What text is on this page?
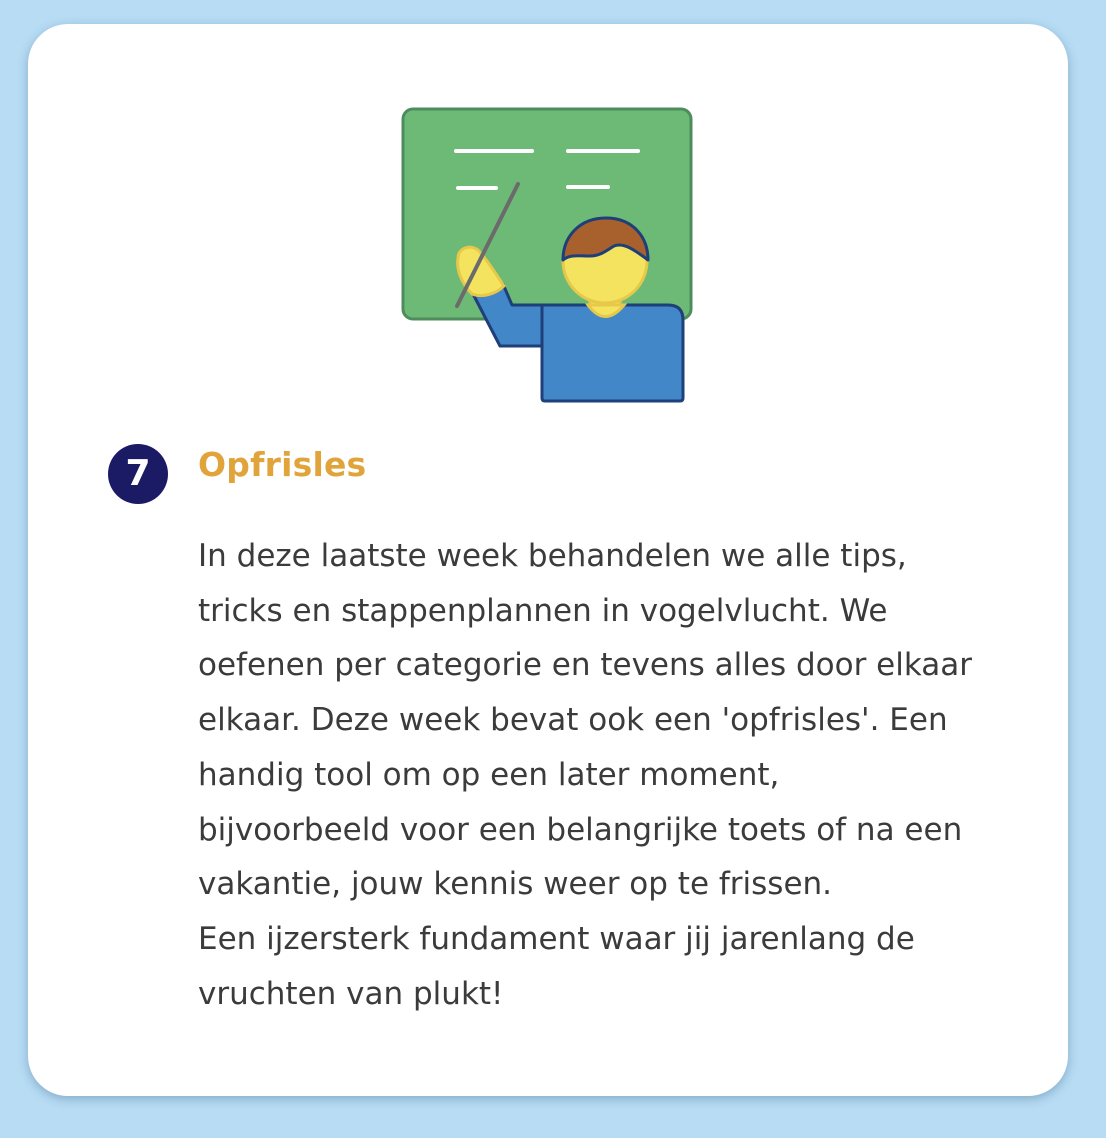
7 Opfrisles

In deze laatste week behandelen we alle tips,
tricks en stappenplannen in vogelvlucht. We
oefenen per categorie en tevens alles door elkaar
elkaar. Deze week bevat ook een 'opfrisles'. Een
handig tool om op een later moment,
bijvoorbeeld voor een belangrijke toets of na een
vakantie, jouw kennis weer op te frissen.
Een ijzersterk fundament waar jij jarenlang de
vruchten van plukt!
